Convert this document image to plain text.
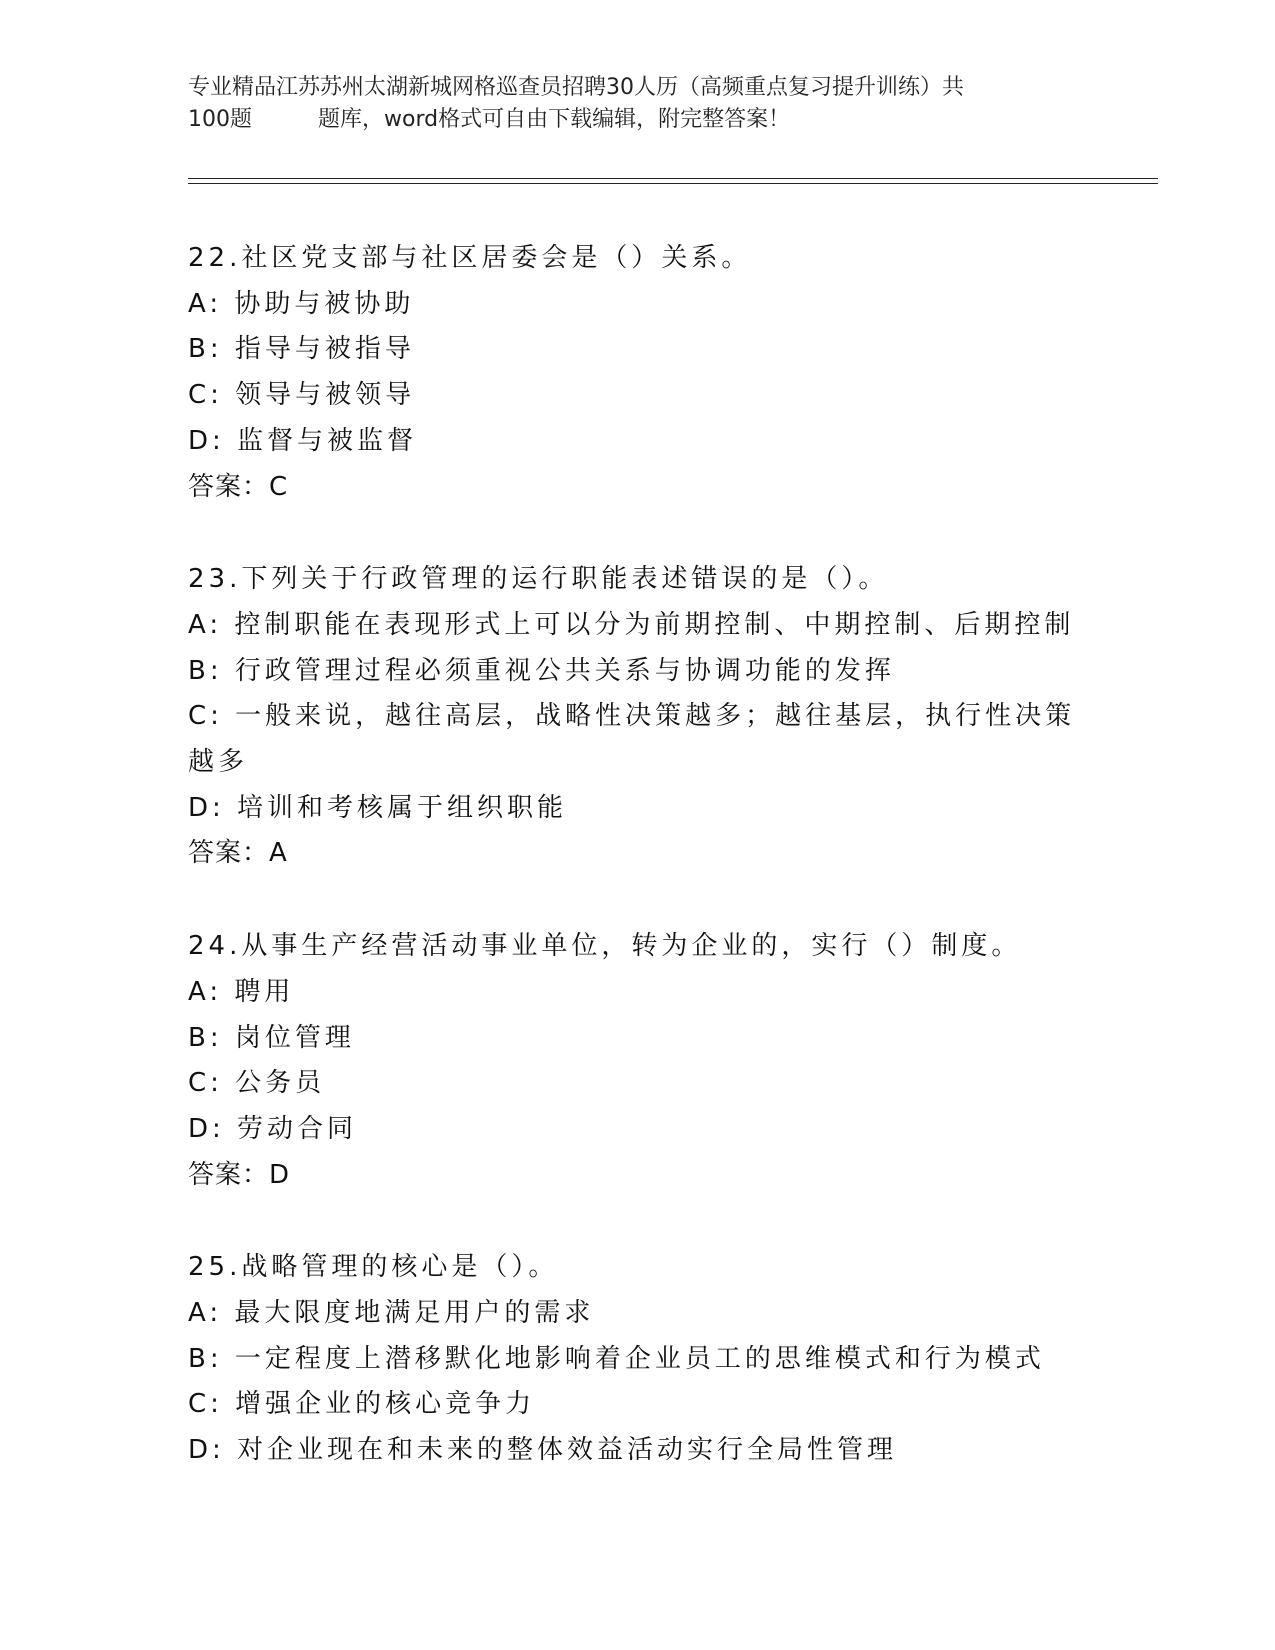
专业精品江苏苏州太湖新城网格巡查员招聘30人历（高频重点复习提升训练）共
100题	题库，word格式可自由下载编辑，附完整答案！
22.社区党支部与社区居委会是（）关系。
A: 协助与被协助
B: 指导与被指导
C: 领导与被领导
D: 监督与被监督
答案：C
23.下列关于行政管理的运行职能表述错误的是（）。
A: 控制职能在表现形式上可以分为前期控制、中期控制、后期控制
B: 行政管理过程必须重视公共关系与协调功能的发挥
C: 一般来说，越往高层，战略性决策越多；越往基层，执行性决策越多
D: 培训和考核属于组织职能
答案：A
24.从事生产经营活动事业单位，转为企业的，实行（）制度。
A: 聘用
B: 岗位管理
C: 公务员
D: 劳动合同
答案：D
25.战略管理的核心是（）。
A: 最大限度地满足用户的需求
B: 一定程度上潜移默化地影响着企业员工的思维模式和行为模式
C: 增强企业的核心竞争力
D: 对企业现在和未来的整体效益活动实行全局性管理
